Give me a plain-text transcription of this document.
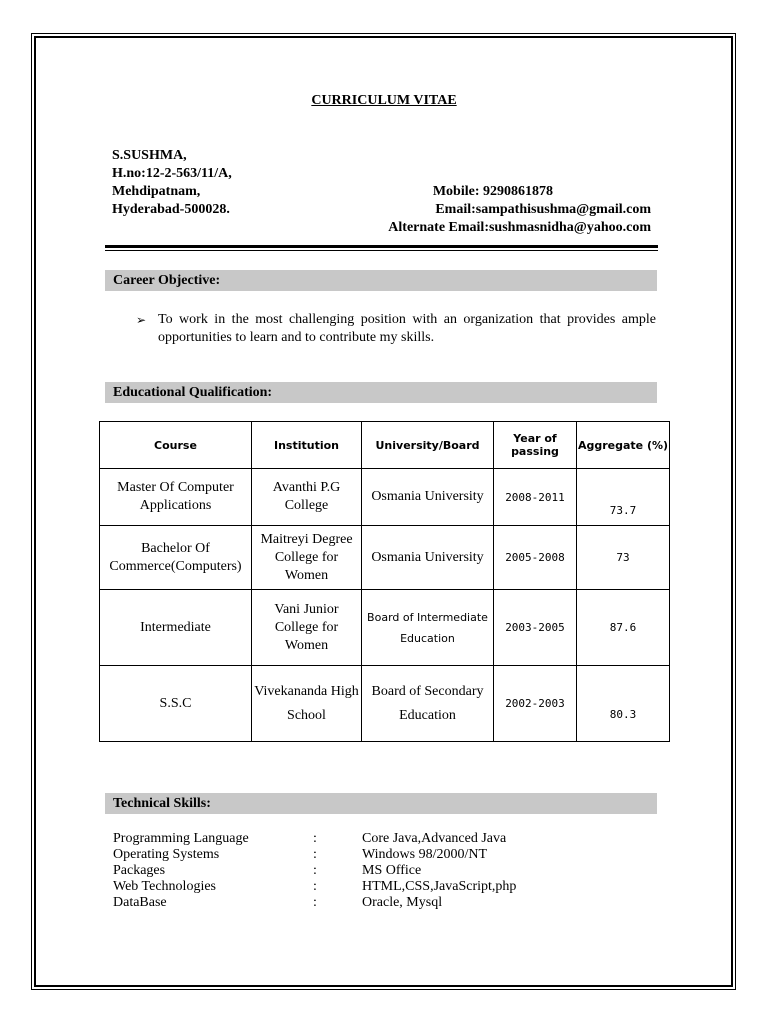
CURRICULUM VITAE
S.SUSHMA,
H.no:12-2-563/11/A,
Mehdipatnam,
Hyderabad-500028.
Mobile: 9290861878
Email:sampathisushma@gmail.com
Alternate Email:sushmasnidha@yahoo.com
Career Objective:
➢ To work in the most challenging position with an organization that provides ample opportunities to learn and to contribute my skills.
Educational Qualification:
Course	Institution	University/Board	Year of passing	Aggregate (%)
Master Of Computer Applications	Avanthi P.G College	Osmania University	2008-2011	73.7
Bachelor Of Commerce(Computers)	Maitreyi Degree College for Women	Osmania University	2005-2008	73
Intermediate	Vani Junior College for Women	Board of Intermediate Education	2003-2005	87.6
S.S.C	Vivekananda High School	Board of Secondary Education	2002-2003	80.3
Technical Skills:
Programming Language	:	Core Java,Advanced Java
Operating Systems	:	Windows 98/2000/NT
Packages	:	MS Office
Web Technologies	:	HTML,CSS,JavaScript,php
DataBase	:	Oracle, Mysql
